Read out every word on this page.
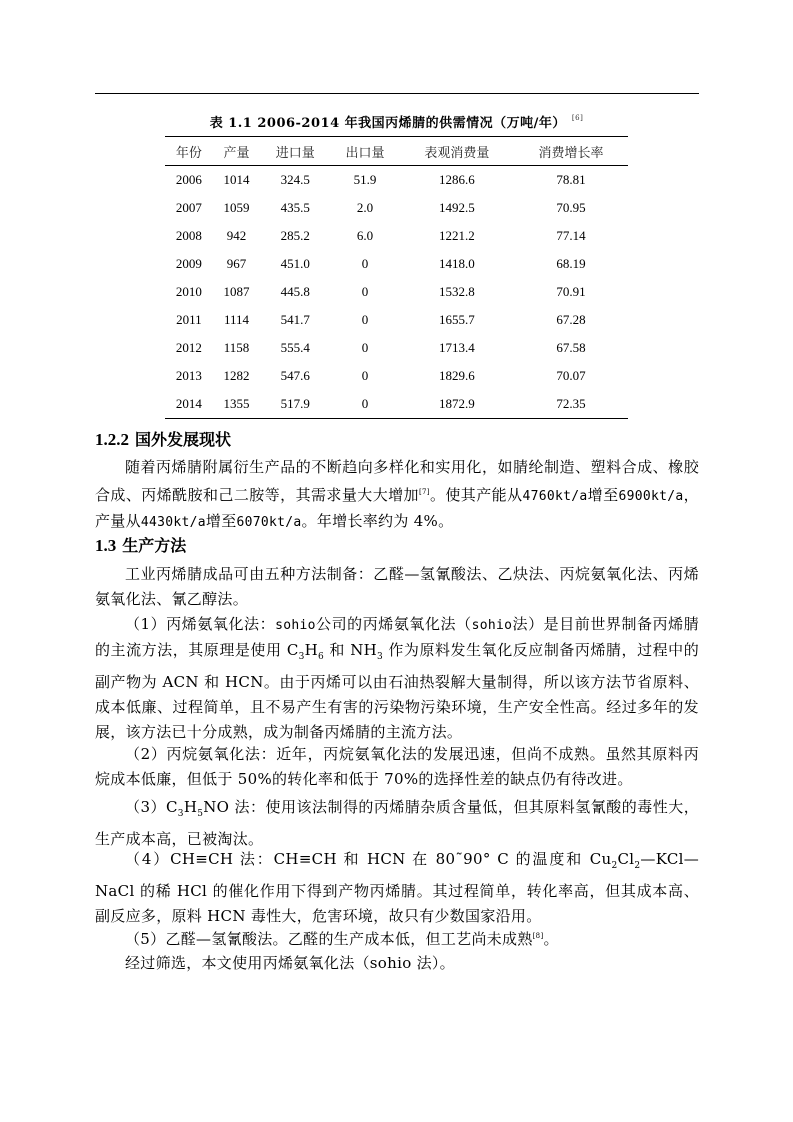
表 1.1 2006-2014 年我国丙烯腈的供需情况（万吨/年） [6]
年份	产量	进口量	出口量	表观消费量	消费增长率
2006	1014	324.5	51.9	1286.6	78.81
2007	1059	435.5	2.0	1492.5	70.95
2008	942	285.2	6.0	1221.2	77.14
2009	967	451.0	0	1418.0	68.19
2010	1087	445.8	0	1532.8	70.91
2011	1114	541.7	0	1655.7	67.28
2012	1158	555.4	0	1713.4	67.58
2013	1282	547.6	0	1829.6	70.07
2014	1355	517.9	0	1872.9	72.35
1.2.2 国外发展现状
随着丙烯腈附属衍生产品的不断趋向多样化和实用化，如腈纶制造、塑料合成、橡胶合成、丙烯酰胺和己二胺等，其需求量大大增加[7]。使其产能从4760kt/a增至6900kt/a，产量从4430kt/a增至6070kt/a。年增长率约为 4%。
1.3 生产方法
工业丙烯腈成品可由五种方法制备：乙醛—氢氰酸法、乙炔法、丙烷氨氧化法、丙烯氨氧化法、氰乙醇法。
（1）丙烯氨氧化法：sohio公司的丙烯氨氧化法（sohio法）是目前世界制备丙烯腈的主流方法，其原理是使用 $C_3H_6$ 和 $NH_3$ 作为原料发生氧化反应制备丙烯腈，过程中的副产物为 ACN 和 HCN。由于丙烯可以由石油热裂解大量制得，所以该方法节省原料、成本低廉、过程简单，且不易产生有害的污染物污染环境，生产安全性高。经过多年的发展，该方法已十分成熟，成为制备丙烯腈的主流方法。
（2）丙烷氨氧化法：近年，丙烷氨氧化法的发展迅速，但尚不成熟。虽然其原料丙烷成本低廉，但低于 50%的转化率和低于 70%的选择性差的缺点仍有待改进。
$(3)C_3H_5NO$ 法：使用该法制得的丙烯腈杂质含量低，但其原料氢氰酸的毒性大，生产成本高，已被淘汰。
（4）CH≡CH 法：CH≡CH 和 HCN 在 80˜90° C 的温度和 $Cu_2Cl_2—KCl—NaCl$ 的稀 HCl 的催化作用下得到产物丙烯腈。其过程简单，转化率高，但其成本高、副反应多，原料 HCN 毒性大，危害环境，故只有少数国家沿用。
（5）乙醛—氢氰酸法。乙醛的生产成本低，但工艺尚未成熟[8]。
经过筛选，本文使用丙烯氨氧化法（sohio 法）。
